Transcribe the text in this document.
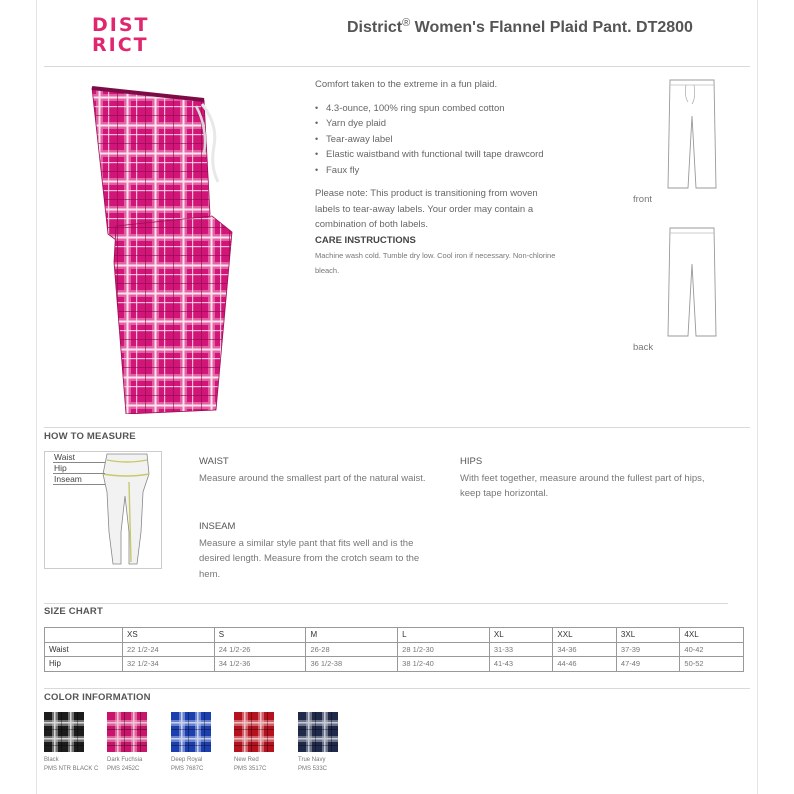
DIST
RICT
District® Women's Flannel Plaid Pant. DT2800
Comfort taken to the extreme in a fun plaid.
• 4.3-ounce, 100% ring spun combed cotton
• Yarn dye plaid
• Tear-away label
• Elastic waistband with functional twill tape drawcord
• Faux fly
Please note: This product is transitioning from woven labels to tear-away labels. Your order may contain a combination of both labels.
CARE INSTRUCTIONS
Machine wash cold. Tumble dry low. Cool iron if necessary. Non-chlorine bleach.
front
back
HOW TO MEASURE
Waist
Hip
Inseam
WAIST
Measure around the smallest part of the natural waist.
HIPS
With feet together, measure around the fullest part of hips, keep tape horizontal.
INSEAM
Measure a similar style pant that fits well and is the desired length. Measure from the crotch seam to the hem.
SIZE CHART
	XS	S	M	L	XL	XXL	3XL	4XL
Waist	22 1/2-24	24 1/2-26	26-28	28 1/2-30	31-33	34-36	37-39	40-42
Hip	32 1/2-34	34 1/2-36	36 1/2-38	38 1/2-40	41-43	44-46	47-49	50-52
COLOR INFORMATION
Black
PMS NTR BLACK C
Dark Fuchsia
PMS 2452C
Deep Royal
PMS 7687C
New Red
PMS 3517C
True Navy
PMS 533C
